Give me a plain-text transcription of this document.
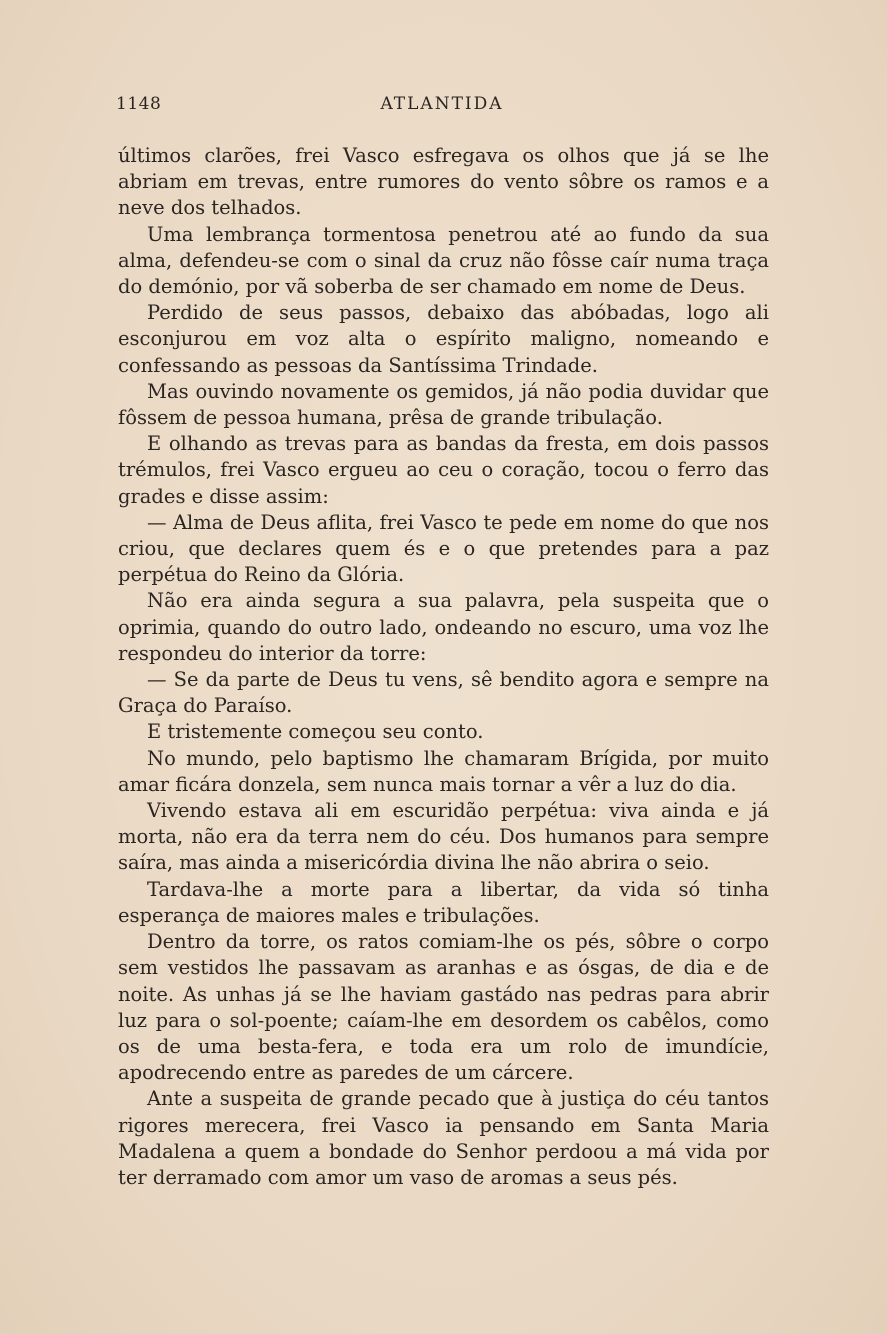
1148	ATLANTIDA

últimos clarões, frei Vasco esfregava os olhos que já se lhe abriam em trevas, entre rumores do vento sôbre os ramos e a neve dos telhados.

Uma lembrança tormentosa penetrou até ao fundo da sua alma, defendeu-se com o sinal da cruz não fôsse caír numa traça do demónio, por vã soberba de ser chamado em nome de Deus.

Perdido de seus passos, debaixo das abóbadas, logo ali esconjurou em voz alta o espírito maligno, nomeando e confessando as pessoas da Santíssima Trindade.

Mas ouvindo novamente os gemidos, já não podia duvidar que fôssem de pessoa humana, prêsa de grande tribulação.

E olhando as trevas para as bandas da fresta, em dois passos trémulos, frei Vasco ergueu ao ceu o coração, tocou o ferro das grades e disse assim:

— Alma de Deus aflita, frei Vasco te pede em nome do que nos criou, que declares quem és e o que pretendes para a paz perpétua do Reino da Glória.

Não era ainda segura a sua palavra, pela suspeita que o oprimia, quando do outro lado, ondeando no escuro, uma voz lhe respondeu do interior da torre:

— Se da parte de Deus tu vens, sê bendito agora e sempre na Graça do Paraíso.

E tristemente começou seu conto.

No mundo, pelo baptismo lhe chamaram Brígida, por muito amar ficára donzela, sem nunca mais tornar a vêr a luz do dia.

Vivendo estava ali em escuridão perpétua: viva ainda e já morta, não era da terra nem do céu. Dos humanos para sempre saíra, mas ainda a misericórdia divina lhe não abrira o seio.

Tardava-lhe a morte para a libertar, da vida só tinha esperança de maiores males e tribulações.

Dentro da torre, os ratos comiam-lhe os pés, sôbre o corpo sem vestidos lhe passavam as aranhas e as ósgas, de dia e de noite. As unhas já se lhe haviam gastádo nas pedras para abrir luz para o sol-poente; caíam-lhe em desordem os cabêlos, como os de uma besta-fera, e toda era um rolo de imundície, apodrecendo entre as paredes de um cárcere.

Ante a suspeita de grande pecado que à justiça do céu tantos rigores merecera, frei Vasco ia pensando em Santa Maria Madalena a quem a bondade do Senhor perdoou a má vida por ter derramado com amor um vaso de aromas a seus pés.
